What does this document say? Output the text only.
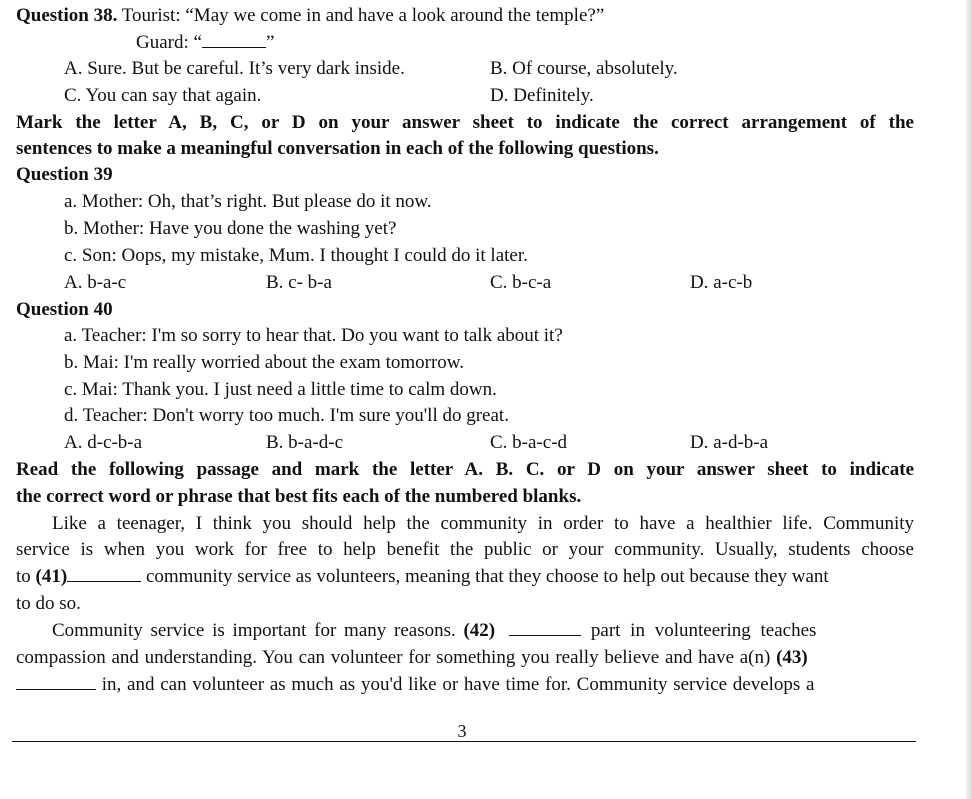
Question 38. Tourist: “May we come in and have a look around the temple?”
Guard: “	”
A. Sure. But be careful. It’s very dark inside.	B. Of course, absolutely.
C. You can say that again.	D. Definitely.
Mark the letter A, B, C, or D on your answer sheet to indicate the correct arrangement of the
sentences to make a meaningful conversation in each of the following questions.
Question 39
a. Mother: Oh, that’s right. But please do it now.
b. Mother: Have you done the washing yet?
c. Son: Oops, my mistake, Mum. I thought I could do it later.
A. b-a-c	B. c- b-a	C. b-c-a	D. a-c-b
Question 40
a. Teacher: I'm so sorry to hear that. Do you want to talk about it?
b. Mai: I'm really worried about the exam tomorrow.
c. Mai: Thank you. I just need a little time to calm down.
d. Teacher: Don't worry too much. I'm sure you'll do great.
A. d-c-b-a	B. b-a-d-c	C. b-a-c-d	D. a-d-b-a
Read the following passage and mark the letter A. B. C. or D on your answer sheet to indicate
the correct word or phrase that best fits each of the numbered blanks.
Like a teenager, I think you should help the community in order to have a healthier life. Community
service is when you work for free to help benefit the public or your community. Usually, students choose
to (41)	community service as volunteers, meaning that they choose to help out because they want
to do so.
Community service is important for many reasons. (42)	part in volunteering teaches
compassion and understanding. You can volunteer for something you really believe and have a(n) (43)
in, and can volunteer as much as you'd like or have time for. Community service develops a
3
